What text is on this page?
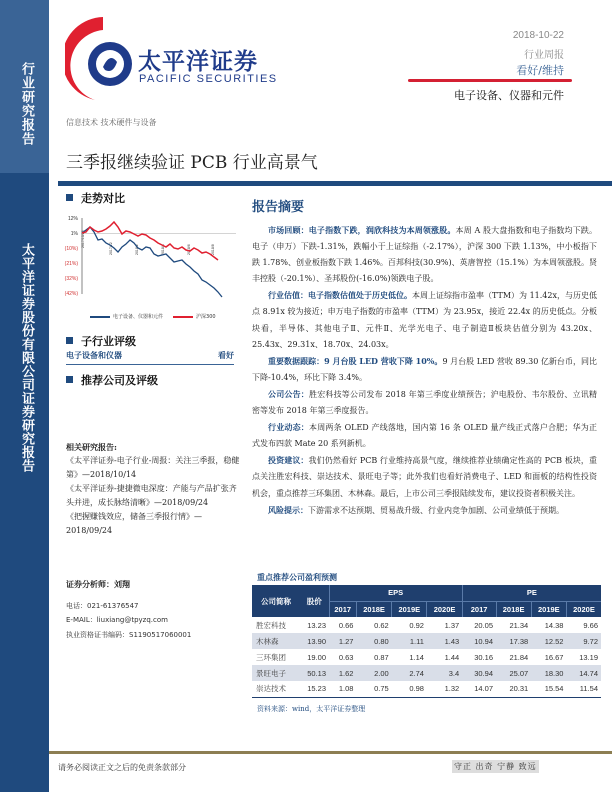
行业研究报告
太平洋证券股份有限公司证券研究报告
太平洋证券
PACIFIC SECURITIES
2018-10-22
行业周报
看好/维持
电子设备、仪器和元件
信息技术 技术硬件与设备
三季报继续验证 PCB 行业高景气
走势对比
12%
1%
(10%)
(21%)
(32%)
(42%)
2017/10/23
2017/12	2018/2	2018/4	2018/6	2018/8
电子设备、仪器和元件	沪深300
子行业评级
电子设备和仪器	看好
推荐公司及评级
相关研究报告:
《太平洋证券-电子行业-周报：关注三季报，稳健第》—2018/10/14
《太平洋证券-捷捷微电深度：产能与产品扩张齐头并进，成长脉络清晰》—2018/09/24
《把握赚钱效应，储备三季报行情》—2018/09/24
证券分析师：刘翔
电话：021-61376547
E-MAIL：liuxiang@tpyzq.com
执业资格证书编码：S1190517060001
报告摘要

市场回顾：电子指数下跌，润欣科技为本周领涨股。本周 A 股大盘指数和电子指数均下跌。电子（申万）下跌-1.31%，跌幅小于上证综指（-2.17%），沪深 300 下跌 1.13%，中小板指下跌 1.78%、创业板指数下跌 1.46%。百邦科技(30.9%)、英唐智控（15.1%）为本周领涨股。贤丰控股（-20.1%）、圣邦股份(-16.0%)领跌电子股。

行业估值：电子指数估值处于历史低位。本周上证综指市盈率（TTM）为 11.42x，与历史低点 8.91x 较为接近；申万电子指数的市盈率（TTM）为 23.95x，接近 22.4x 的历史低点。分板块看，半导体、其他电子Ⅱ、元件Ⅱ、光学光电子、电子制造Ⅱ板块估值分别为 43.20x、25.43x、29.31x、18.70x、24.03x。

重要数据跟踪：9 月台股 LED 营收下降 10%。9 月台股 LED 营收 89.30 亿新台币，同比下降-10.4%，环比下降 3.4%。

公司公告：胜宏科技等公司发布 2018 年第三季度业绩预告；沪电股份、韦尔股份、立讯精密等发布 2018 年第三季度报告。

行业动态：本周两条 OLED 产线落地，国内第 16 条 OLED 量产线正式落户合肥；华为正式发布四款 Mate 20 系列新机。

投资建议：我们仍然看好 PCB 行业维持高景气度，继续推荐业绩确定性高的 PCB 板块，重点关注胜宏科技、崇达技术、景旺电子等；此外我们也看好消费电子、LED 和面板的结构性投资机会，重点推荐三环集团、木林森。最后，上市公司三季报陆续发布，建议投资者积极关注。

风险提示：下游需求不达预期、贸易战升级、行业内竞争加剧、公司业绩低于预期。

重点推荐公司盈利预测
公司简称	股价	EPS				PE			
		2017	2018E	2019E	2020E	2017	2018E	2019E	2020E
胜宏科技	13.23	0.66	0.62	0.92	1.37	20.05	21.34	14.38	9.66
木林森	13.90	1.27	0.80	1.11	1.43	10.94	17.38	12.52	9.72
三环集团	19.00	0.63	0.87	1.14	1.44	30.16	21.84	16.67	13.19
景旺电子	50.13	1.62	2.00	2.74	3.4	30.94	25.07	18.30	14.74
崇达技术	15.23	1.08	0.75	0.98	1.32	14.07	20.31	15.54	11.54
资料来源：wind，太平洋证券整理
请务必阅读正文之后的免责条款部分	守正 出奇 宁静 致远
